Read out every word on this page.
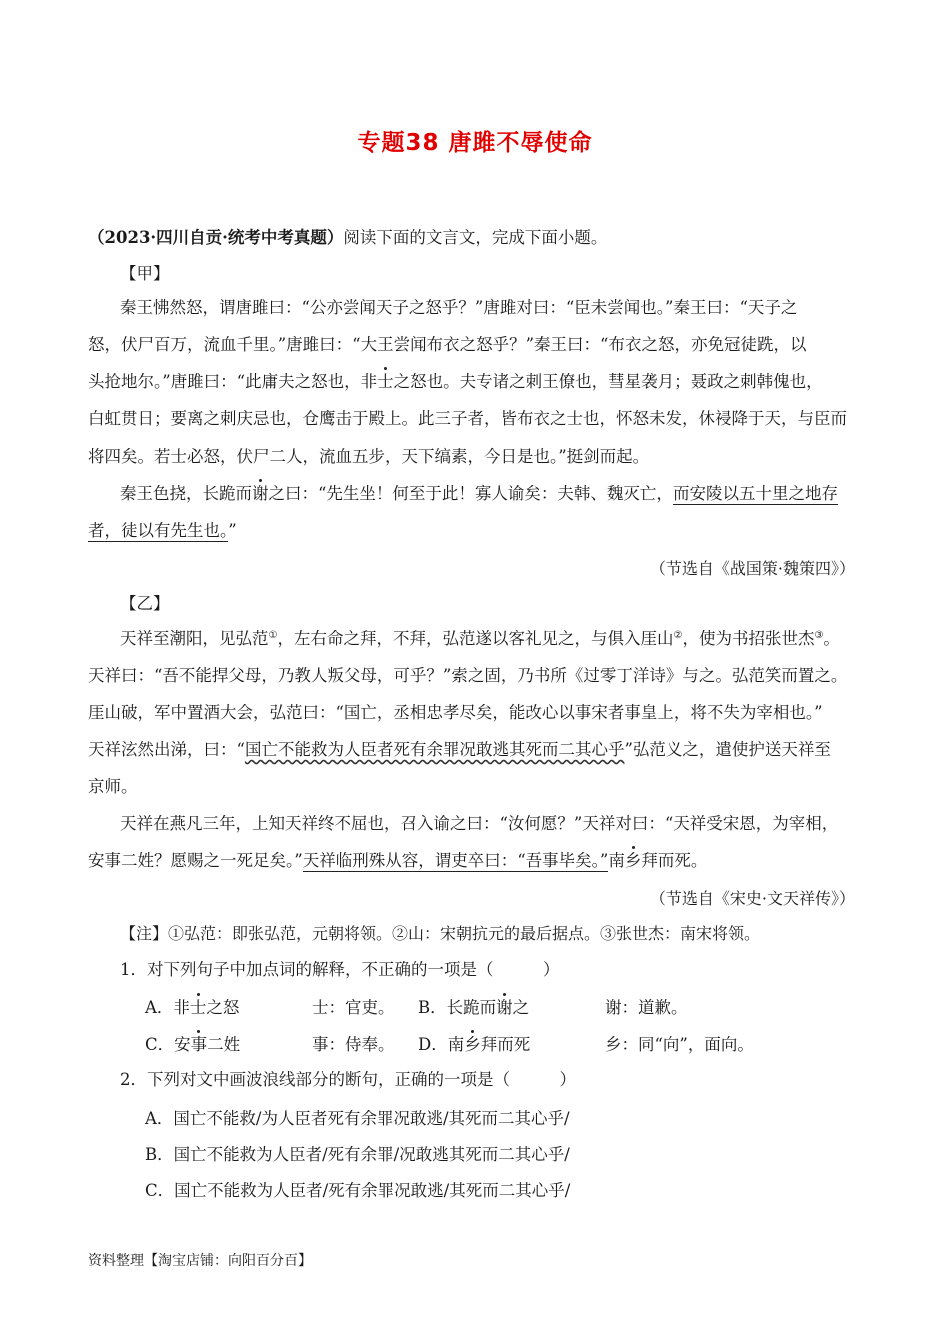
专题38 唐雎不辱使命
（2023·四川自贡·统考中考真题）阅读下面的文言文，完成下面小题。
【甲】
秦王怫然怒，谓唐雎曰：“公亦尝闻天子之怒乎？”唐雎对曰：“臣未尝闻也。”秦王曰：“天子之
怒，伏尸百万，流血千里。”唐雎曰：“大王尝闻布衣之怒乎？”秦王曰：“布衣之怒，亦免冠徒跣，以
头抢地尔。”唐雎曰：“此庸夫之怒也，非士之怒也。夫专诸之刺王僚也，彗星袭月；聂政之刺韩傀也，
白虹贯日；要离之刺庆忌也，仓鹰击于殿上。此三子者，皆布衣之士也，怀怒未发，休祲降于天，与臣而
将四矣。若士必怒，伏尸二人，流血五步，天下缟素，今日是也。”挺剑而起。
秦王色挠，长跪而谢之曰：“先生坐！何至于此！寡人谕矣：夫韩、魏灭亡，而安陵以五十里之地存
者，徒以有先生也。”
（节选自《战国策·魏策四》）
【乙】
天祥至潮阳，见弘范①，左右命之拜，不拜，弘范遂以客礼见之，与俱入厓山②，使为书招张世杰③。
天祥曰：“吾不能捍父母，乃教人叛父母，可乎？”索之固，乃书所《过零丁洋诗》与之。弘范笑而置之。
厓山破，军中置酒大会，弘范曰：“国亡，丞相忠孝尽矣，能改心以事宋者事皇上，将不失为宰相也。”
天祥泫然出涕，曰：“国亡不能救为人臣者死有余罪况敢逃其死而二其心乎”弘范义之，遣使护送天祥至
京师。
天祥在燕凡三年，上知天祥终不屈也，召入谕之曰：“汝何愿？”天祥对曰：“天祥受宋恩，为宰相，
安事二姓？愿赐之一死足矣。”天祥临刑殊从容，谓吏卒曰：“吾事毕矣。”南乡拜而死。
（节选自《宋史·文天祥传》）
【注】①弘范：即张弘范，元朝将领。②山：宋朝抗元的最后据点。③张世杰：南宋将领。
1．对下列句子中加点词的解释，不正确的一项是（　　　）
A．非士之怒	士：官吏。 B．长跪而谢之	谢：道歉。
C．安事二姓	事：侍奉。 D．南乡拜而死	乡：同“向”，面向。
2．下列对文中画波浪线部分的断句，正确的一项是（　　　）
A．国亡不能救/为人臣者死有余罪况敢逃/其死而二其心乎/
B．国亡不能救为人臣者/死有余罪/况敢逃其死而二其心乎/
C．国亡不能救为人臣者/死有余罪况敢逃/其死而二其心乎/
资料整理【淘宝店铺：向阳百分百】
